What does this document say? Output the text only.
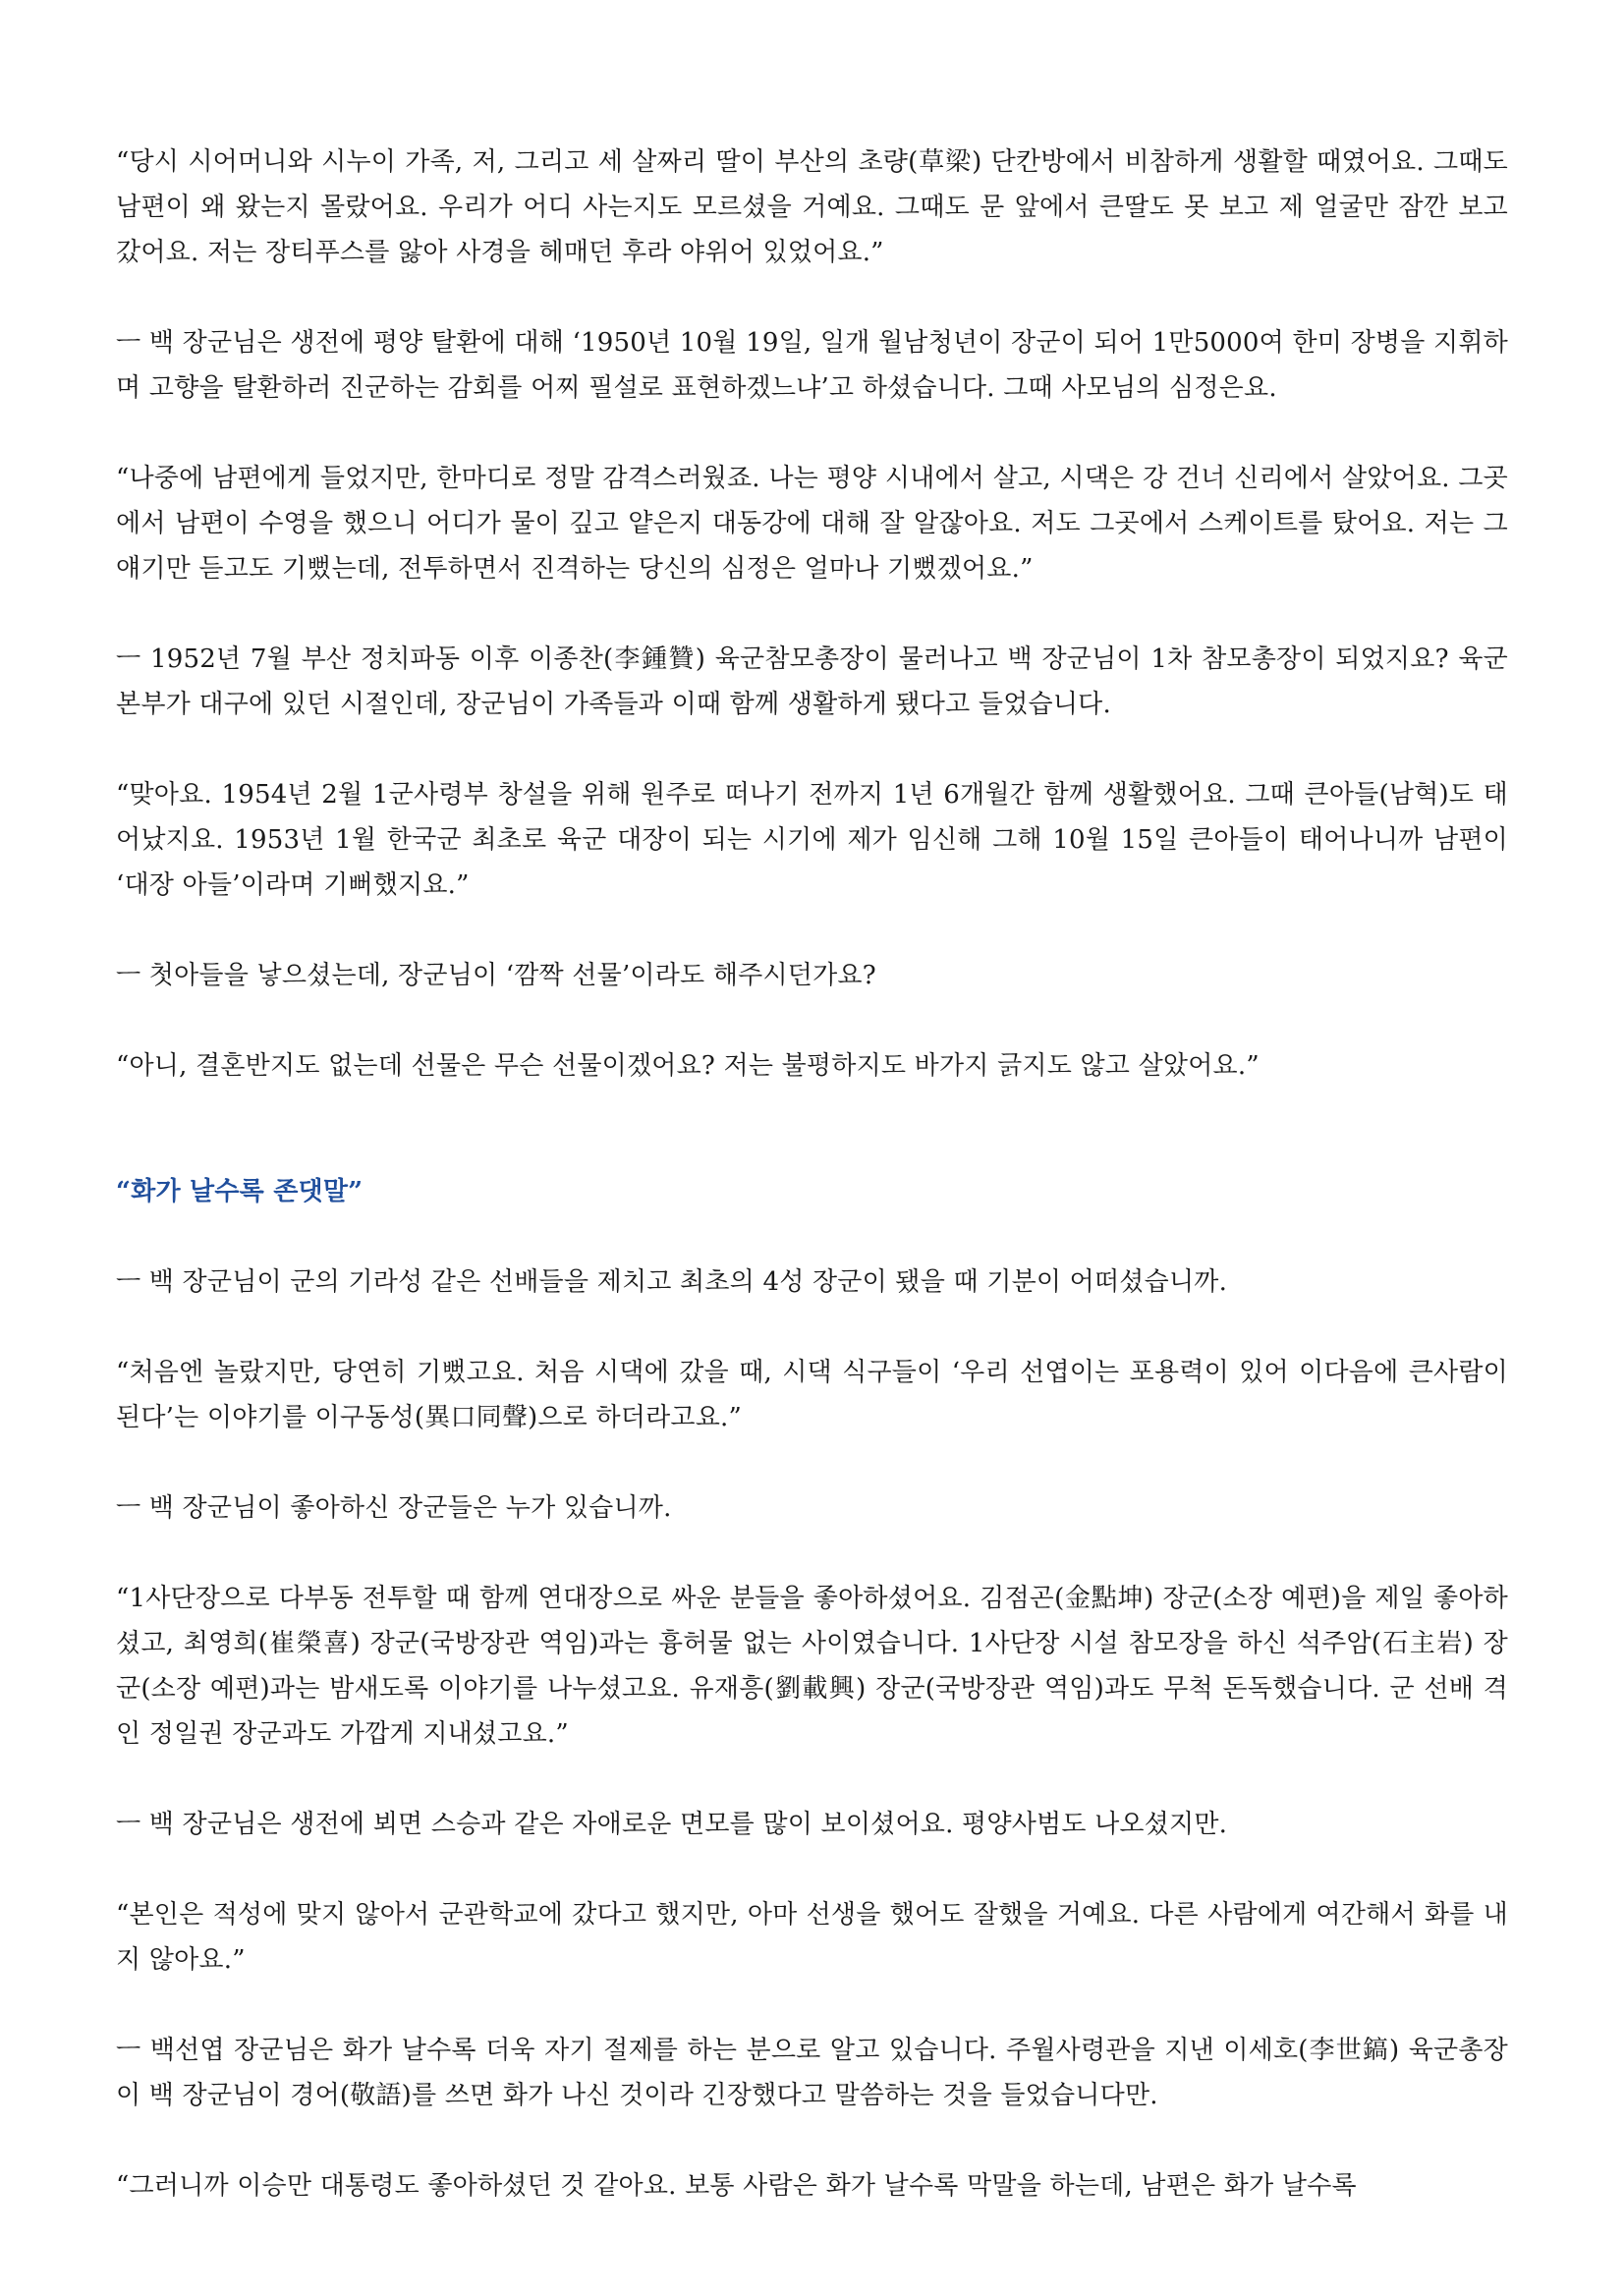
“당시 시어머니와 시누이 가족, 저, 그리고 세 살짜리 딸이 부산의 초량(草梁) 단칸방에서 비참하게 생활할 때였어요. 그때도 남편이 왜 왔는지 몰랐어요. 우리가 어디 사는지도 모르셨을 거예요. 그때도 문 앞에서 큰딸도 못 보고 제 얼굴만 잠깐 보고 갔어요. 저는 장티푸스를 앓아 사경을 헤매던 후라 야위어 있었어요.”

ㅡ 백 장군님은 생전에 평양 탈환에 대해 ‘1950년 10월 19일, 일개 월남청년이 장군이 되어 1만5000여 한미 장병을 지휘하며 고향을 탈환하러 진군하는 감회를 어찌 필설로 표현하겠느냐’고 하셨습니다. 그때 사모님의 심정은요.

“나중에 남편에게 들었지만, 한마디로 정말 감격스러웠죠. 나는 평양 시내에서 살고, 시댁은 강 건너 신리에서 살았어요. 그곳에서 남편이 수영을 했으니 어디가 물이 깊고 얕은지 대동강에 대해 잘 알잖아요. 저도 그곳에서 스케이트를 탔어요. 저는 그 얘기만 듣고도 기뻤는데, 전투하면서 진격하는 당신의 심정은 얼마나 기뻤겠어요.”

ㅡ 1952년 7월 부산 정치파동 이후 이종찬(李鍾贊) 육군참모총장이 물러나고 백 장군님이 1차 참모총장이 되었지요? 육군본부가 대구에 있던 시절인데, 장군님이 가족들과 이때 함께 생활하게 됐다고 들었습니다.

“맞아요. 1954년 2월 1군사령부 창설을 위해 원주로 떠나기 전까지 1년 6개월간 함께 생활했어요. 그때 큰아들(남혁)도 태어났지요. 1953년 1월 한국군 최초로 육군 대장이 되는 시기에 제가 임신해 그해 10월 15일 큰아들이 태어나니까 남편이 ‘대장 아들’이라며 기뻐했지요.”

ㅡ 첫아들을 낳으셨는데, 장군님이 ‘깜짝 선물’이라도 해주시던가요?

“아니, 결혼반지도 없는데 선물은 무슨 선물이겠어요? 저는 불평하지도 바가지 긁지도 않고 살았어요.”

“화가 날수록 존댓말”

ㅡ 백 장군님이 군의 기라성 같은 선배들을 제치고 최초의 4성 장군이 됐을 때 기분이 어떠셨습니까.

“처음엔 놀랐지만, 당연히 기뻤고요. 처음 시댁에 갔을 때, 시댁 식구들이 ‘우리 선엽이는 포용력이 있어 이다음에 큰사람이 된다’는 이야기를 이구동성(異口同聲)으로 하더라고요.”

ㅡ 백 장군님이 좋아하신 장군들은 누가 있습니까.

“1사단장으로 다부동 전투할 때 함께 연대장으로 싸운 분들을 좋아하셨어요. 김점곤(金點坤) 장군(소장 예편)을 제일 좋아하셨고, 최영희(崔榮喜) 장군(국방장관 역임)과는 흉허물 없는 사이였습니다. 1사단장 시설 참모장을 하신 석주암(石主岩) 장군(소장 예편)과는 밤새도록 이야기를 나누셨고요. 유재흥(劉載興) 장군(국방장관 역임)과도 무척 돈독했습니다. 군 선배 격인 정일권 장군과도 가깝게 지내셨고요.”

ㅡ 백 장군님은 생전에 뵈면 스승과 같은 자애로운 면모를 많이 보이셨어요. 평양사범도 나오셨지만.

“본인은 적성에 맞지 않아서 군관학교에 갔다고 했지만, 아마 선생을 했어도 잘했을 거예요. 다른 사람에게 여간해서 화를 내지 않아요.”

ㅡ 백선엽 장군님은 화가 날수록 더욱 자기 절제를 하는 분으로 알고 있습니다. 주월사령관을 지낸 이세호(李世鎬) 육군총장이 백 장군님이 경어(敬語)를 쓰면 화가 나신 것이라 긴장했다고 말씀하는 것을 들었습니다만.

“그러니까 이승만 대통령도 좋아하셨던 것 같아요. 보통 사람은 화가 날수록 막말을 하는데, 남편은 화가 날수록
